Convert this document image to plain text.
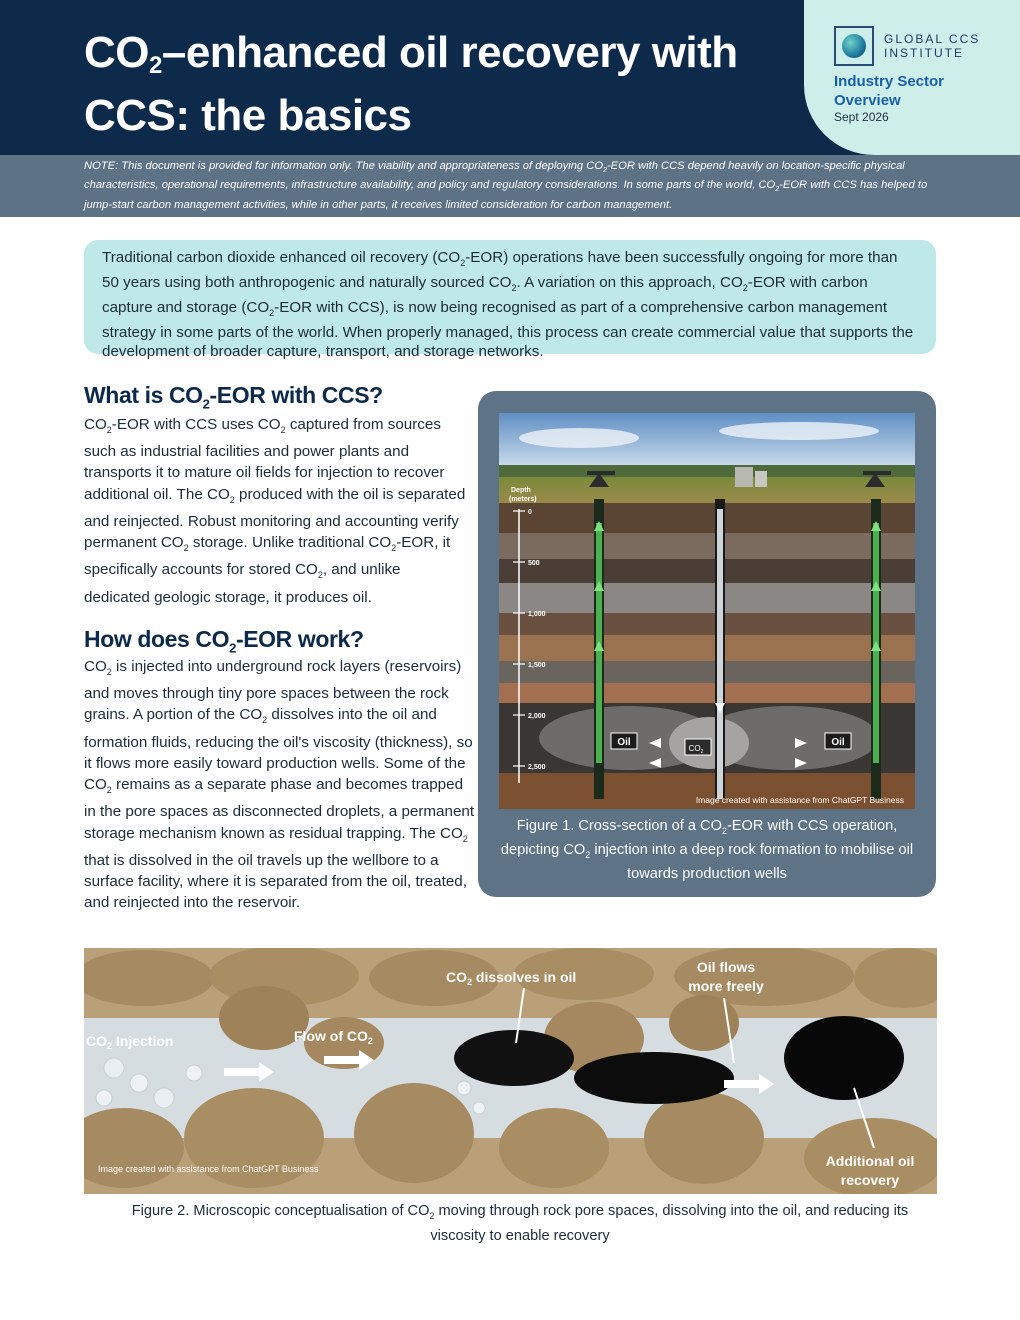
$CO_2$–enhanced oil recovery with
CCS: the basics
GLOBAL CCS
INSTITUTE
Industry Sector Overview
Sept 2026
NOTE: This document is provided for information only. The viability and appropriateness of deploying $CO_2$-EOR with CCS depend heavily on location-specific physical characteristics, operational requirements, infrastructure availability, and policy and regulatory considerations. In some parts of the world, $CO_2$-EOR with CCS has helped to jump-start carbon management activities, while in other parts, it receives limited consideration for carbon management.
Traditional carbon dioxide enhanced oil recovery $(CO_2-EOR)$ operations have been successfully ongoing for more than 50 years using both anthropogenic and naturally sourced $CO_2$. A variation on this approach, $CO_2$-EOR with carbon capture and storage ($CO_2$-EOR with CCS), is now being recognised as part of a comprehensive carbon management strategy in some parts of the world. When properly managed, this process can create commercial value that supports the development of broader capture, transport, and storage networks.
What is $CO_2$-EOR with CCS?
$CO_2$-EOR with CCS uses $CO_2$ captured from sources such as industrial facilities and power plants and transports it to mature oil fields for injection to recover additional oil. The $CO_2$ produced with the oil is separated and reinjected. Robust monitoring and accounting verify permanent $CO_2$ storage. Unlike traditional $CO_2$-EOR, it specifically accounts for stored $CO_2$, and unlike dedicated geologic storage, it produces oil.
How does $CO_2$-EOR work?
$CO_2$ is injected into underground rock layers (reservoirs) and moves through tiny pore spaces between the rock grains. A portion of the $CO_2$ dissolves into the oil and formation fluids, reducing the oil's viscosity (thickness), so it flows more easily toward production wells. Some of the $CO_2$ remains as a separate phase and becomes trapped in the pore spaces as disconnected droplets, a permanent storage mechanism known as residual trapping. The $CO_2$ that is dissolved in the oil travels up the wellbore to a surface facility, where it is separated from the oil, treated, and reinjected into the reservoir.
Depth
(meters)
0
500
1,000
1,500
2,000
2,500
Oil
$CO_2$
Oil
Image created with assistance from ChatGPT Business
Figure 1. Cross-section of a $CO_2$-EOR with CCS operation, depicting $CO_2$ injection into a deep rock formation to mobilise oil towards production wells
$CO_2$ Injection	Flow of $CO_2$
$CO_2$ dissolves in oil
Oil flows
more freely
Additional oil
recovery
Image created with assistance from ChatGPT Business
Figure 2. Microscopic conceptualisation of $CO_2$ moving through rock pore spaces, dissolving into the oil, and reducing its viscosity to enable recovery
